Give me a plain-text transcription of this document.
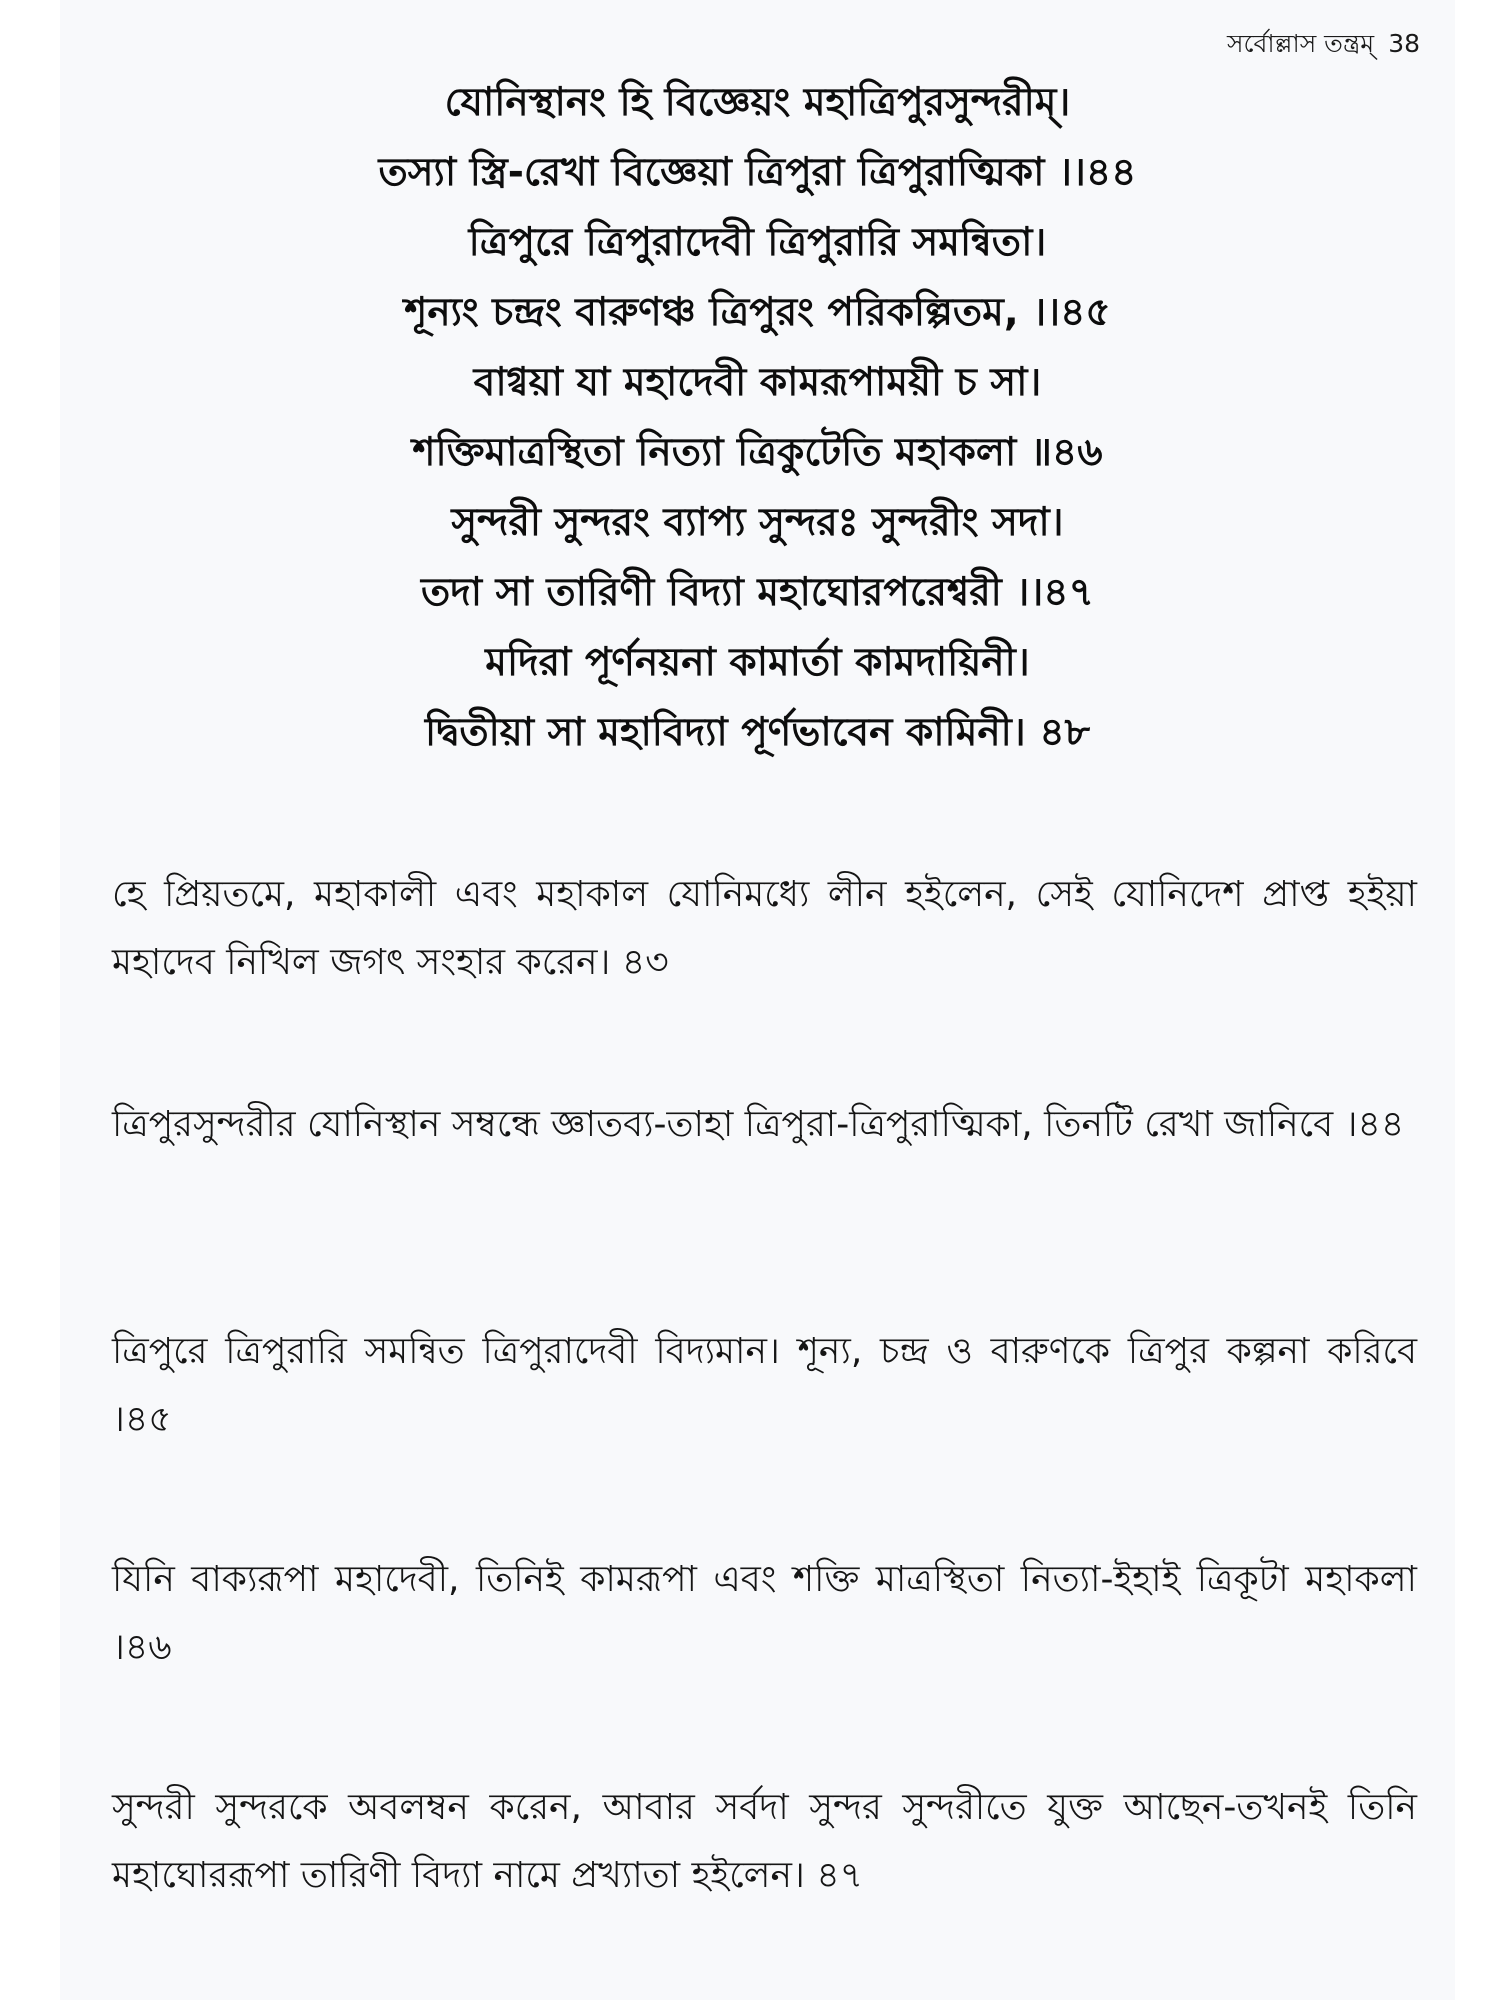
সর্বোল্লাস তন্ত্রম্ 38
যোনিস্থানং হি বিজ্ঞেয়ং মহাত্রিপুরসুন্দরীম্।
তস্যা স্ত্রি-রেখা বিজ্ঞেয়া ত্রিপুরা ত্রিপুরাত্মিকা ।।৪৪
ত্রিপুরে ত্রিপুরাদেবী ত্রিপুরারি সমন্বিতা।
শূন্যং চন্দ্রং বারুণঞ্চ ত্রিপুরং পরিকল্পিতম, ।।৪৫
বাগ্বয়া যা মহাদেবী কামরূপাময়ী চ সা।
শক্তিমাত্রস্থিতা নিত্যা ত্রিকুটেতি মহাকলা ॥৪৬
সুন্দরী সুন্দরং ব্যাপ্য সুন্দরঃ সুন্দরীং সদা।
তদা সা তারিণী বিদ্যা মহাঘোরপরেশ্বরী ।।৪৭
মদিরা পূর্ণনয়না কামার্তা কামদায়িনী।
দ্বিতীয়া সা মহাবিদ্যা পূর্ণভাবেন কামিনী। ৪৮

হে প্রিয়তমে, মহাকালী এবং মহাকাল যোনিমধ্যে লীন হইলেন, সেই যোনিদেশ প্রাপ্ত হইয়া মহাদেব নিখিল জগৎ সংহার করেন। ৪৩

ত্রিপুরসুন্দরীর যোনিস্থান সম্বন্ধে জ্ঞাতব্য-তাহা ত্রিপুরা-ত্রিপুরাত্মিকা, তিনটি রেখা জানিবে ।৪৪

ত্রিপুরে ত্রিপুরারি সমন্বিত ত্রিপুরাদেবী বিদ্যমান। শূন্য, চন্দ্র ও বারুণকে ত্রিপুর কল্পনা করিবে ।৪৫

যিনি বাক্যরূপা মহাদেবী, তিনিই কামরূপা এবং শক্তি মাত্রস্থিতা নিত্যা-ইহাই ত্রিকূটা মহাকলা ।৪৬

সুন্দরী সুন্দরকে অবলম্বন করেন, আবার সর্বদা সুন্দর সুন্দরীতে যুক্ত আছেন-তখনই তিনি মহাঘোররূপা তারিণী বিদ্যা নামে প্রখ্যাতা হইলেন। ৪৭
